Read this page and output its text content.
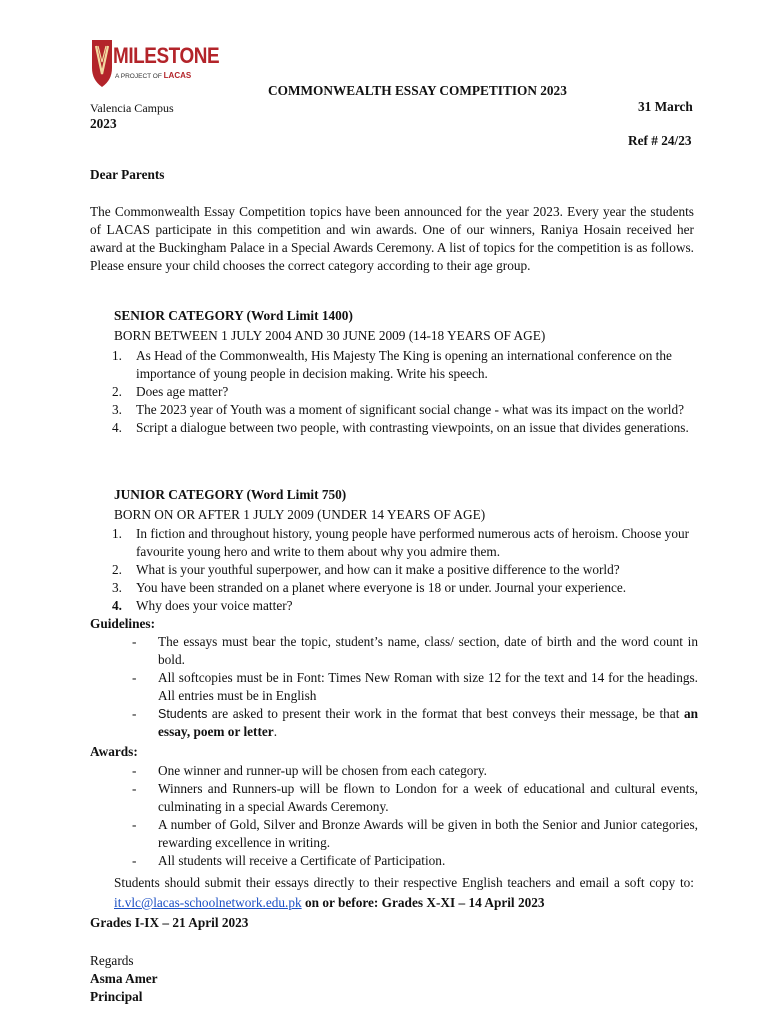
MILESTONE
A PROJECT OF LACAS
COMMONWEALTH ESSAY COMPETITION 2023
Valencia Campus	31 March
2023
Ref # 24/23
Dear Parents

The Commonwealth Essay Competition topics have been announced for the year 2023. Every year the students of LACAS participate in this competition and win awards. One of our winners, Raniya Hosain received her award at the Buckingham Palace in a Special Awards Ceremony. A list of topics for the competition is as follows. Please ensure your child chooses the correct category according to their age group.

SENIOR CATEGORY (Word Limit 1400)
BORN BETWEEN 1 JULY 2004 AND 30 JUNE 2009 (14-18 YEARS OF AGE)
1. As Head of the Commonwealth, His Majesty The King is opening an international conference on the importance of young people in decision making. Write his speech.
2. Does age matter?
3. The 2023 year of Youth was a moment of significant social change - what was its impact on the world?
4. Script a dialogue between two people, with contrasting viewpoints, on an issue that divides generations.
JUNIOR CATEGORY (Word Limit 750)
BORN ON OR AFTER 1 JULY 2009 (UNDER 14 YEARS OF AGE)
1. In fiction and throughout history, young people have performed numerous acts of heroism. Choose your favourite young hero and write to them about why you admire them.
2. What is your youthful superpower, and how can it make a positive difference to the world?
3. You have been stranded on a planet where everyone is 18 or under. Journal your experience.
4. Why does your voice matter?
Guidelines:
- The essays must bear the topic, student’s name, class/ section, date of birth and the word count in bold.
- All softcopies must be in Font: Times New Roman with size 12 for the text and 14 for the headings. All entries must be in English
- Students are asked to present their work in the format that best conveys their message, be that an essay, poem or letter.
Awards:
- One winner and runner-up will be chosen from each category.
- Winners and Runners-up will be flown to London for a week of educational and cultural events, culminating in a special Awards Ceremony.
- A number of Gold, Silver and Bronze Awards will be given in both the Senior and Junior categories, rewarding excellence in writing.
- All students will receive a Certificate of Participation.

Students should submit their essays directly to their respective English teachers and email a soft copy to: it.vlc@lacas-schoolnetwork.edu.pk on or before: Grades X-XI – 14 April 2023

Grades I-IX – 21 April 2023
Regards
Asma Amer
Principal
